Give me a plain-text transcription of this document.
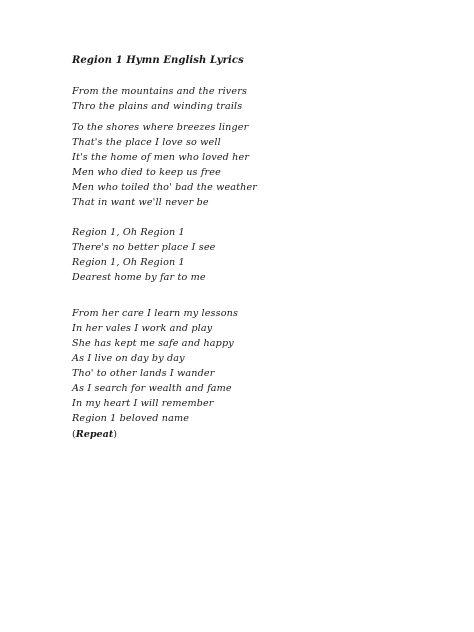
Region 1 Hymn English Lyrics
From the mountains and the rivers
Thro the plains and winding trails
To the shores where breezes linger
That's the place I love so well
It's the home of men who loved her
Men who died to keep us free
Men who toiled tho' bad the weather
That in want we'll never be
Region 1, Oh Region 1
There's no better place I see
Region 1, Oh Region 1
Dearest home by far to me
From her care I learn my lessons
In her vales I work and play
She has kept me safe and happy
As I live on day by day
Tho' to other lands I wander
As I search for wealth and fame
In my heart I will remember
Region 1 beloved name
(Repeat)
